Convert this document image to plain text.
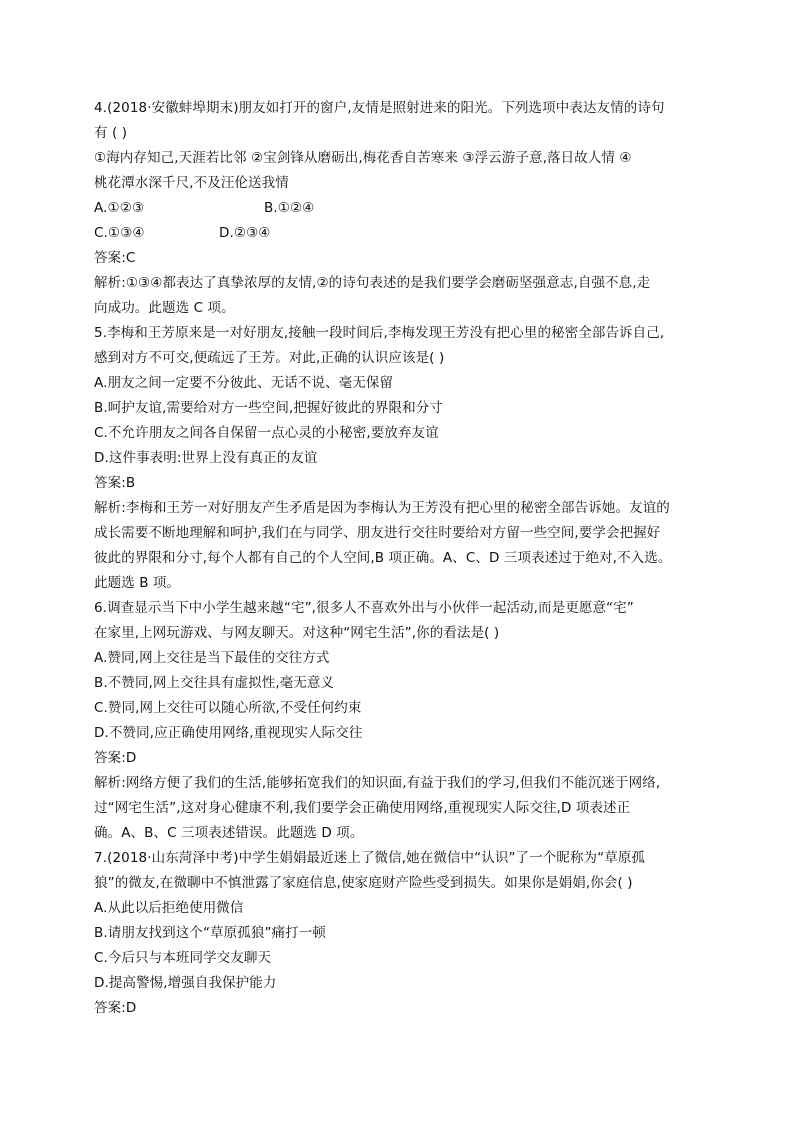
4.(2018·安徽蚌埠期末)朋友如打开的窗户,友情是照射进来的阳光。下列选项中表达友情的诗句
有 ( )
①海内存知己,天涯若比邻 ②宝剑锋从磨砺出,梅花香自苦寒来 ③浮云游子意,落日故人情 ④
桃花潭水深千尺,不及汪伦送我情
A.①②③	B.①②④
C.①③④	D.②③④
答案:C
解析:①③④都表达了真挚浓厚的友情,②的诗句表述的是我们要学会磨砺坚强意志,自强不息,走
向成功。此题选 C 项。
5.李梅和王芳原来是一对好朋友,接触一段时间后,李梅发现王芳没有把心里的秘密全部告诉自己,
感到对方不可交,便疏远了王芳。对此,正确的认识应该是( )
A.朋友之间一定要不分彼此、无话不说、毫无保留
B.呵护友谊,需要给对方一些空间,把握好彼此的界限和分寸
C.不允许朋友之间各自保留一点心灵的小秘密,要放弃友谊
D.这件事表明:世界上没有真正的友谊
答案:B
解析:李梅和王芳一对好朋友产生矛盾是因为李梅认为王芳没有把心里的秘密全部告诉她。友谊的
成长需要不断地理解和呵护,我们在与同学、朋友进行交往时要给对方留一些空间,要学会把握好
彼此的界限和分寸,每个人都有自己的个人空间,B 项正确。A、C、D 三项表述过于绝对,不入选。
此题选 B 项。
6.调查显示当下中小学生越来越“宅”,很多人不喜欢外出与小伙伴一起活动,而是更愿意“宅”
在家里,上网玩游戏、与网友聊天。对这种“网宅生活”,你的看法是( )
A.赞同,网上交往是当下最佳的交往方式
B.不赞同,网上交往具有虚拟性,毫无意义
C.赞同,网上交往可以随心所欲,不受任何约束
D.不赞同,应正确使用网络,重视现实人际交往
答案:D
解析:网络方便了我们的生活,能够拓宽我们的知识面,有益于我们的学习,但我们不能沉迷于网络,
过“网宅生活”,这对身心健康不利,我们要学会正确使用网络,重视现实人际交往,D 项表述正
确。A、B、C 三项表述错误。此题选 D 项。
7.(2018·山东菏泽中考)中学生娟娟最近迷上了微信,她在微信中“认识”了一个昵称为“草原孤
狼”的微友,在微聊中不慎泄露了家庭信息,使家庭财产险些受到损失。如果你是娟娟,你会( )
A.从此以后拒绝使用微信
B.请朋友找到这个“草原孤狼”痛打一顿
C.今后只与本班同学交友聊天
D.提高警惕,增强自我保护能力
答案:D
